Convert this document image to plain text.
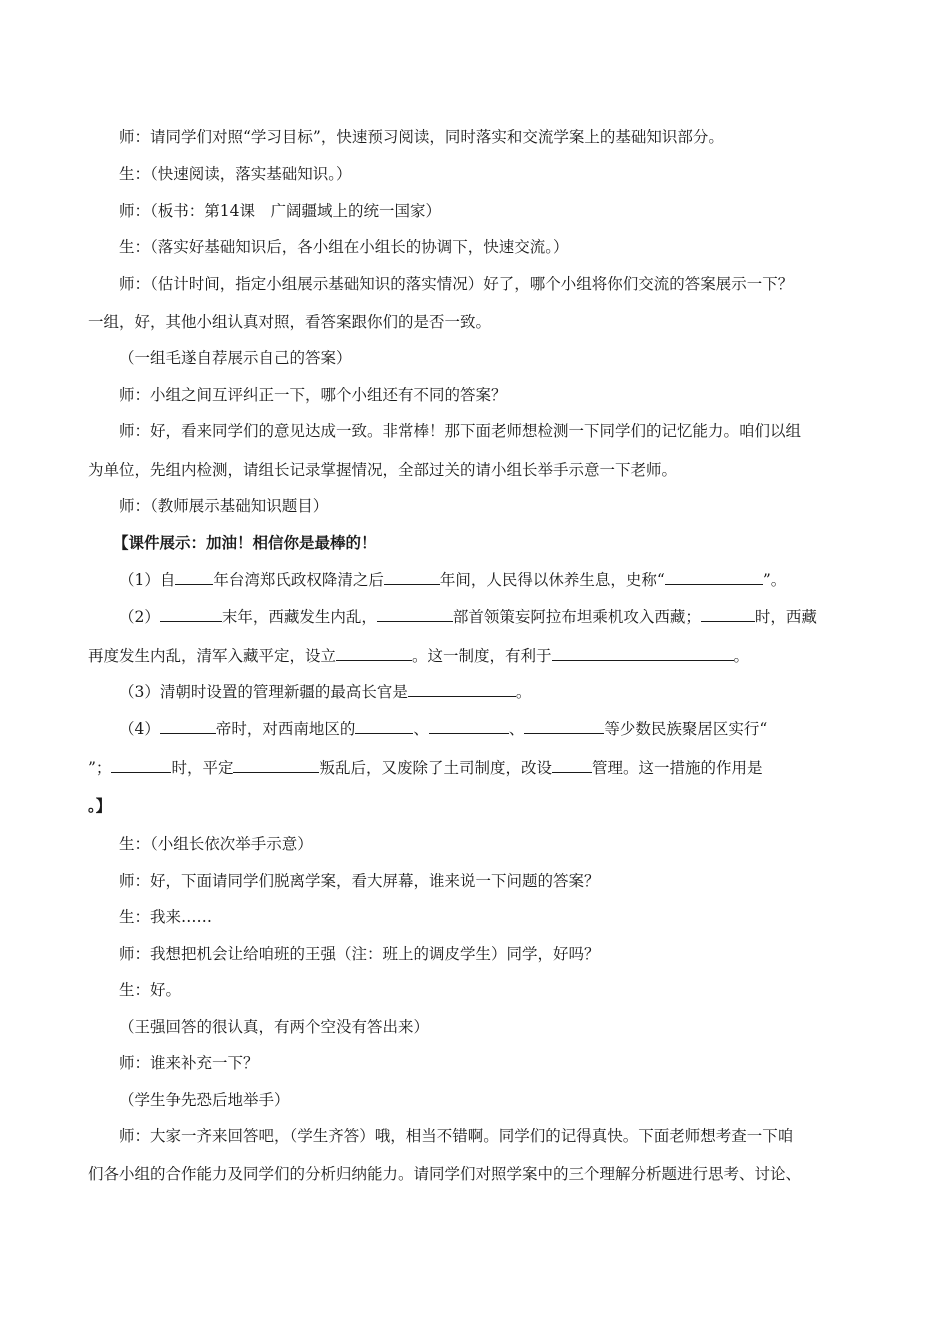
师：请同学们对照“学习目标”，快速预习阅读，同时落实和交流学案上的基础知识部分。
生：（快速阅读，落实基础知识。）
师：（板书：第14课　广阔疆域上的统一国家）
生：（落实好基础知识后，各小组在小组长的协调下，快速交流。）
师：（估计时间，指定小组展示基础知识的落实情况）好了，哪个小组将你们交流的答案展示一下？
一组，好，其他小组认真对照，看答案跟你们的是否一致。
（一组毛遂自荐展示自己的答案）
师：小组之间互评纠正一下，哪个小组还有不同的答案？
师：好，看来同学们的意见达成一致。非常棒！那下面老师想检测一下同学们的记忆能力。咱们以组
为单位，先组内检测，请组长记录掌握情况，全部过关的请小组长举手示意一下老师。
师：（教师展示基础知识题目）
【课件展示：加油！相信你是最棒的！
（1）自 年台湾郑氏政权降清之后	年间，人民得以休养生息，史称“	”。
（2）	末年，西藏发生内乱，	部首领策妄阿拉布坦乘机攻入西藏；	时，西藏
再度发生内乱，清军入藏平定，设立	。这一制度，有利于	。
（3）清朝时设置的管理新疆的最高长官是	。
（4）	帝时，对西南地区的	、	、	等少数民族聚居区实行“
”；	时，平定	叛乱后，又废除了土司制度，改设	管理。这一措施的作用是
。】
生：（小组长依次举手示意）
师：好，下面请同学们脱离学案，看大屏幕，谁来说一下问题的答案？
生：我来……
师：我想把机会让给咱班的王强（注：班上的调皮学生）同学，好吗？
生：好。
（王强回答的很认真，有两个空没有答出来）
师：谁来补充一下？
（学生争先恐后地举手）
师：大家一齐来回答吧，（学生齐答）哦，相当不错啊。同学们的记得真快。下面老师想考查一下咱
们各小组的合作能力及同学们的分析归纳能力。请同学们对照学案中的三个理解分析题进行思考、讨论、
